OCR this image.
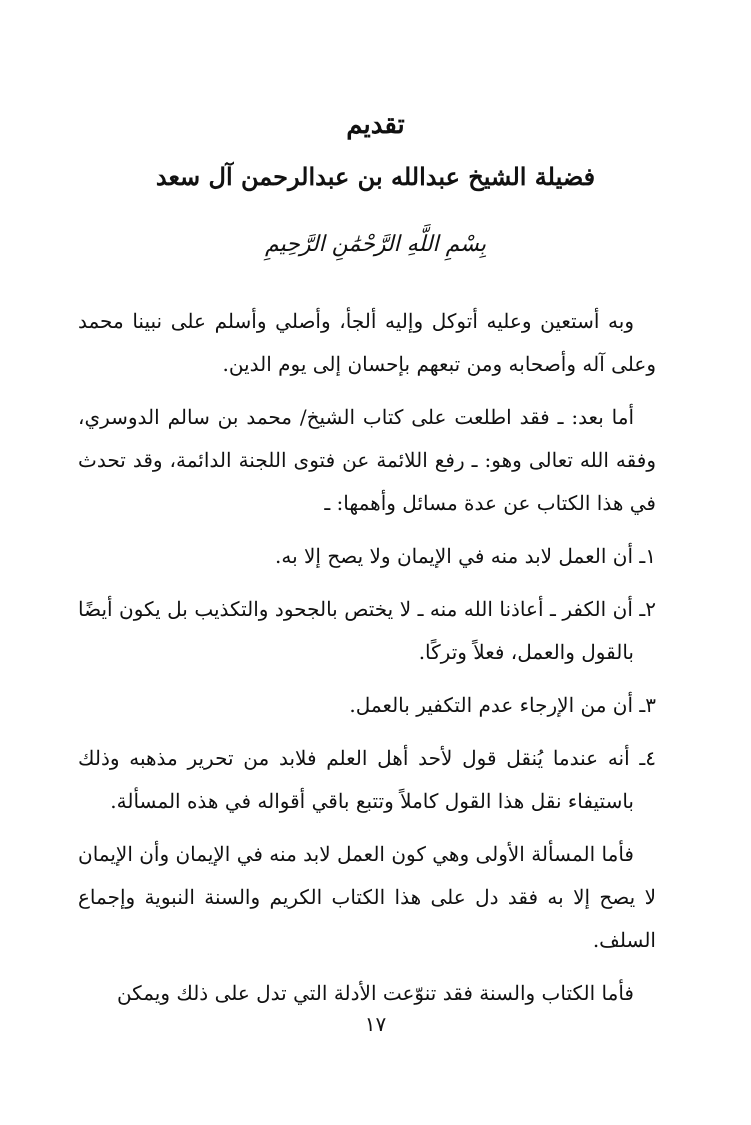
تقديم
فضيلة الشيخ عبدالله بن عبدالرحمن آل سعد
بِسْمِ اللَّهِ الرَّحْمَٰنِ الرَّحِيمِ

وبه أستعين وعليه أتوكل وإليه ألجأ، وأصلي وأسلم على نبينا محمد وعلى آله وأصحابه ومن تبعهم بإحسان إلى يوم الدين.

أما بعد: ـ فقد اطلعت على كتاب الشيخ/ محمد بن سالم الدوسري، وفقه الله تعالى وهو: ـ رفع اللائمة عن فتوى اللجنة الدائمة، وقد تحدث في هذا الكتاب عن عدة مسائل وأهمها: ـ

١ـ أن العمل لابد منه في الإيمان ولا يصح إلا به.

٢ـ أن الكفر ـ أعاذنا الله منه ـ لا يختص بالجحود والتكذيب بل يكون أيضًا بالقول والعمل، فعلاً وتركًا.

٣ـ أن من الإرجاء عدم التكفير بالعمل.

٤ـ أنه عندما يُنقل قول لأحد أهل العلم فلابد من تحرير مذهبه وذلك باستيفاء نقل هذا القول كاملاً وتتبع باقي أقواله في هذه المسألة.

فأما المسألة الأولى وهي كون العمل لابد منه في الإيمان وأن الإيمان لا يصح إلا به فقد دل على هذا الكتاب الكريم والسنة النبوية وإجماع السلف.

فأما الكتاب والسنة فقد تنوّعت الأدلة التي تدل على ذلك ويمكن

١٧
